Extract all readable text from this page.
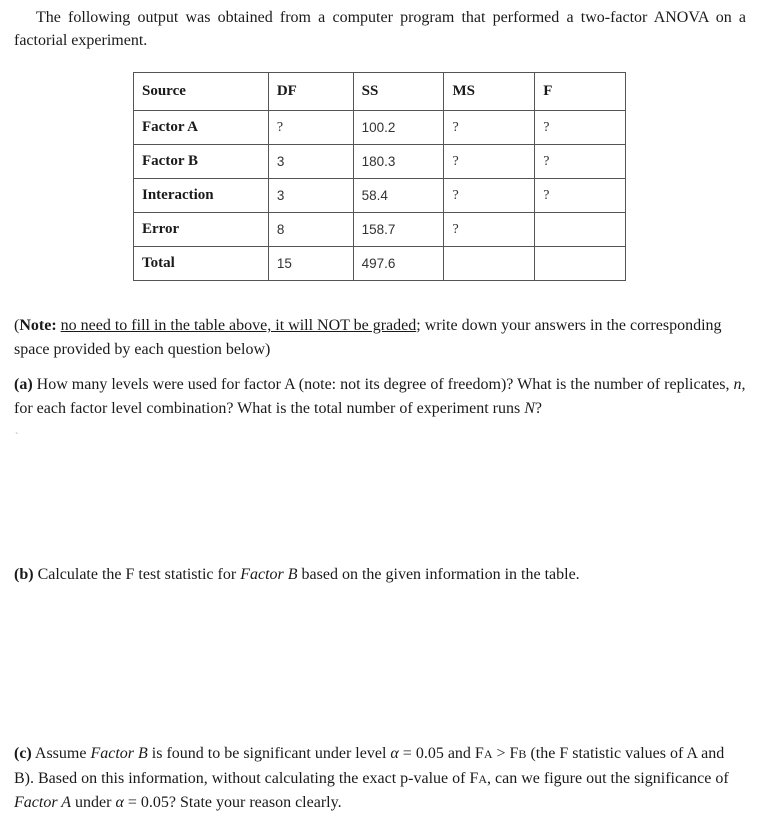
The following output was obtained from a computer program that performed a two-factor ANOVA on a factorial experiment.

Source	DF	SS	MS	F
Factor A	?	100.2	?	?
Factor B	3	180.3	?	?
Interaction	3	58.4	?	?
Error	8	158.7	?	
Total	15	497.6		

(Note: no need to fill in the table above, it will NOT be graded; write down your answers in the corresponding space provided by each question below)

(a) How many levels were used for factor A (note: not its degree of freedom)? What is the number of replicates, n, for each factor level combination? What is the total number of experiment runs N?

`

(b) Calculate the F test statistic for Factor B based on the given information in the table.

(c) Assume Factor B is found to be significant under level α = 0.05 and FA > FB (the F statistic values of A and B). Based on this information, without calculating the exact p-value of FA, can we figure out the significance of Factor A under α = 0.05? State your reason clearly.
